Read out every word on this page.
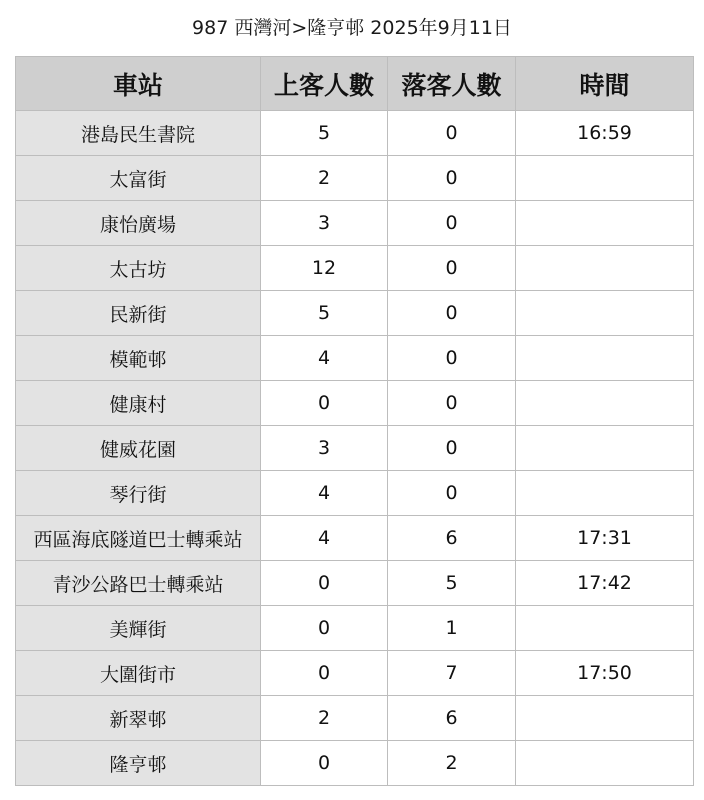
987 西灣河>隆亨邨 2025年9月11日
車站	上客人數	落客人數	時間
港島民生書院	5	0	16:59
太富街	2	0	
康怡廣場	3	0	
太古坊	12	0	
民新街	5	0	
模範邨	4	0	
健康村	0	0	
健威花園	3	0	
琴行街	4	0	
西區海底隧道巴士轉乘站	4	6	17:31
青沙公路巴士轉乘站	0	5	17:42
美輝街	0	1	
大圍街市	0	7	17:50
新翠邨	2	6	
隆亨邨	0	2	
